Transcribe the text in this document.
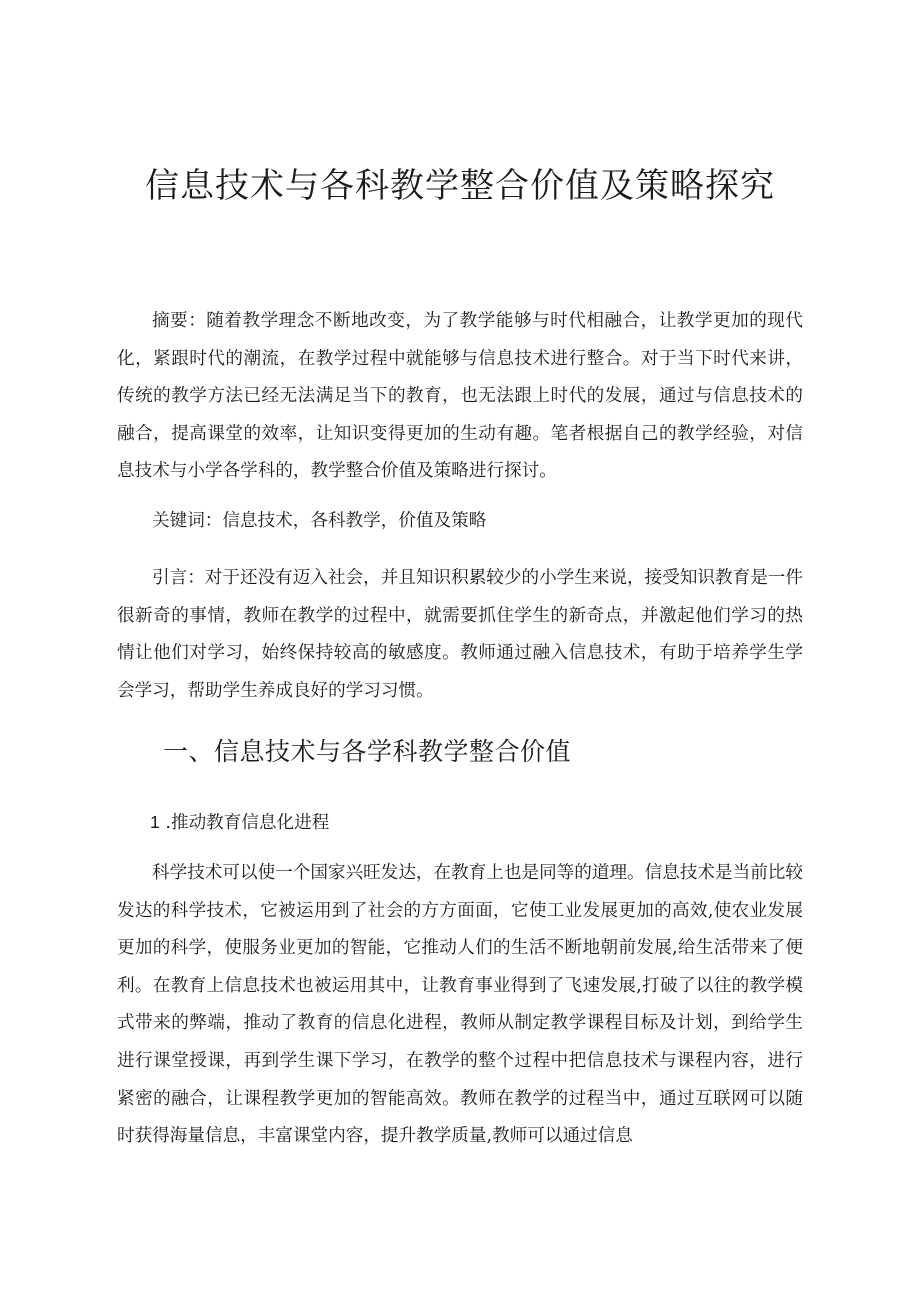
信息技术与各科教学整合价值及策略探究

摘要：随着教学理念不断地改变，为了教学能够与时代相融合，让教学更加的现代化，紧跟时代的潮流，在教学过程中就能够与信息技术进行整合。对于当下时代来讲，传统的教学方法已经无法满足当下的教育，也无法跟上时代的发展，通过与信息技术的融合，提高课堂的效率，让知识变得更加的生动有趣。笔者根据自己的教学经验，对信息技术与小学各学科的，教学整合价值及策略进行探讨。

关键词：信息技术，各科教学，价值及策略

引言：对于还没有迈入社会，并且知识积累较少的小学生来说，接受知识教育是一件很新奇的事情，教师在教学的过程中，就需要抓住学生的新奇点，并激起他们学习的热情让他们对学习，始终保持较高的敏感度。教师通过融入信息技术，有助于培养学生学会学习，帮助学生养成良好的学习习惯。

一、信息技术与各学科教学整合价值
1 .推动教育信息化进程

科学技术可以使一个国家兴旺发达，在教育上也是同等的道理。信息技术是当前比较发达的科学技术，它被运用到了社会的方方面面，它使工业发展更加的高效,使农业发展更加的科学，使服务业更加的智能，它推动人们的生活不断地朝前发展,给生活带来了便利。在教育上信息技术也被运用其中，让教育事业得到了飞速发展,打破了以往的教学模式带来的弊端，推动了教育的信息化进程，教师从制定教学课程目标及计划，到给学生进行课堂授课，再到学生课下学习，在教学的整个过程中把信息技术与课程内容，进行紧密的融合，让课程教学更加的智能高效。教师在教学的过程当中，通过互联网可以随时获得海量信息，丰富课堂内容，提升教学质量,教师可以通过信息
